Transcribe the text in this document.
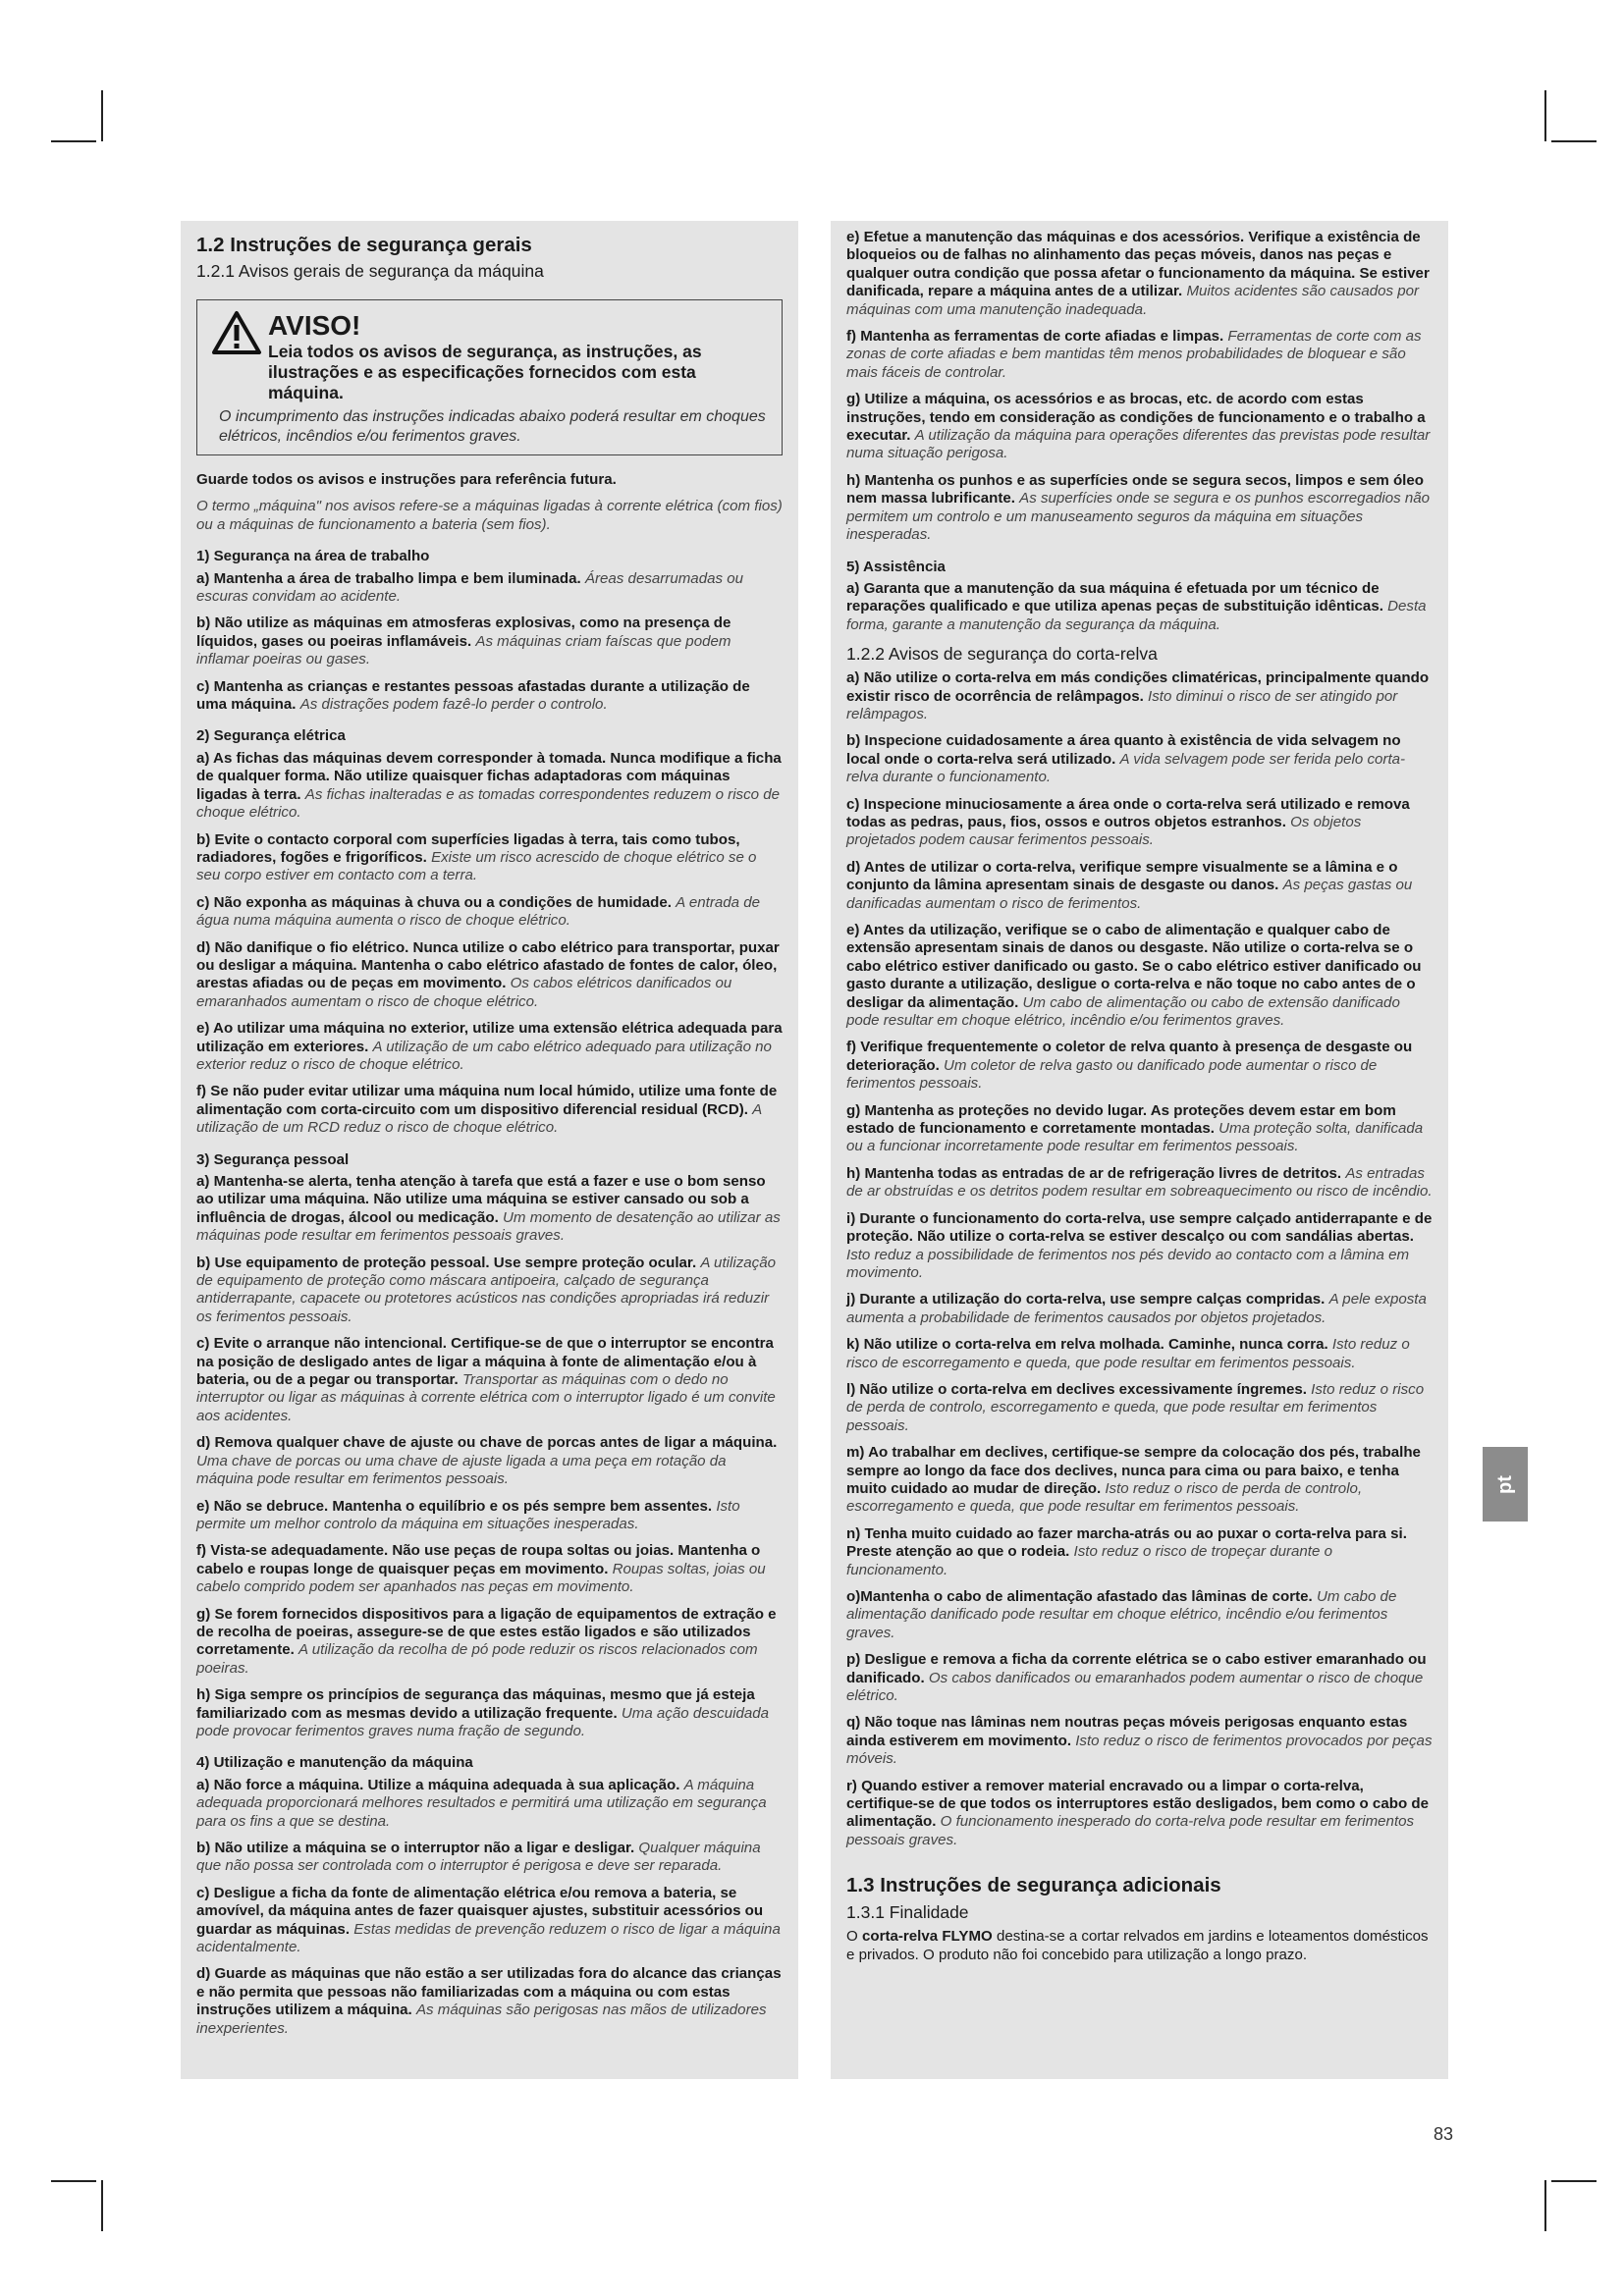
1.2 Instruções de segurança gerais
1.2.1 Avisos gerais de segurança da máquina
AVISO!
Leia todos os avisos de segurança, as instruções, as ilustrações e as especificações fornecidos com esta máquina.
O incumprimento das instruções indicadas abaixo poderá resultar em choques elétricos, incêndios e/ou ferimentos graves.
Guarde todos os avisos e instruções para referência futura.
O termo „máquina" nos avisos refere-se a máquinas ligadas à corrente elétrica (com fios) ou a máquinas de funcionamento a bateria (sem fios).
1) Segurança na área de trabalho
a) Mantenha a área de trabalho limpa e bem iluminada. Áreas desarrumadas ou escuras convidam ao acidente.
b) Não utilize as máquinas em atmosferas explosivas, como na presença de líquidos, gases ou poeiras inflamáveis. As máquinas criam faíscas que podem inflamar poeiras ou gases.
c) Mantenha as crianças e restantes pessoas afastadas durante a utilização de uma máquina. As distrações podem fazê-lo perder o controlo.
2) Segurança elétrica
a) As fichas das máquinas devem corresponder à tomada. Nunca modifique a ficha de qualquer forma. Não utilize quaisquer fichas adaptadoras com máquinas ligadas à terra. As fichas inalteradas e as tomadas correspondentes reduzem o risco de choque elétrico.
b) Evite o contacto corporal com superfícies ligadas à terra, tais como tubos, radiadores, fogões e frigoríficos. Existe um risco acrescido de choque elétrico se o seu corpo estiver em contacto com a terra.
c) Não exponha as máquinas à chuva ou a condições de humidade. A entrada de água numa máquina aumenta o risco de choque elétrico.
d) Não danifique o fio elétrico. Nunca utilize o cabo elétrico para transportar, puxar ou desligar a máquina. Mantenha o cabo elétrico afastado de fontes de calor, óleo, arestas afiadas ou de peças em movimento. Os cabos elétricos danificados ou emaranhados aumentam o risco de choque elétrico.
e) Ao utilizar uma máquina no exterior, utilize uma extensão elétrica adequada para utilização em exteriores. A utilização de um cabo elétrico adequado para utilização no exterior reduz o risco de choque elétrico.
f) Se não puder evitar utilizar uma máquina num local húmido, utilize uma fonte de alimentação com corta-circuito com um dispositivo diferencial residual (RCD). A utilização de um RCD reduz o risco de choque elétrico.
3) Segurança pessoal
a) Mantenha-se alerta, tenha atenção à tarefa que está a fazer e use o bom senso ao utilizar uma máquina. Não utilize uma máquina se estiver cansado ou sob a influência de drogas, álcool ou medicação. Um momento de desatenção ao utilizar as máquinas pode resultar em ferimentos pessoais graves.
b) Use equipamento de proteção pessoal. Use sempre proteção ocular. A utilização de equipamento de proteção como máscara antipoeira, calçado de segurança antiderrapante, capacete ou protetores acústicos nas condições apropriadas irá reduzir os ferimentos pessoais.
c) Evite o arranque não intencional. Certifique-se de que o interruptor se encontra na posição de desligado antes de ligar a máquina à fonte de alimentação e/ou à bateria, ou de a pegar ou transportar. Transportar as máquinas com o dedo no interruptor ou ligar as máquinas à corrente elétrica com o interruptor ligado é um convite aos acidentes.
d) Remova qualquer chave de ajuste ou chave de porcas antes de ligar a máquina. Uma chave de porcas ou uma chave de ajuste ligada a uma peça em rotação da máquina pode resultar em ferimentos pessoais.
e) Não se debruce. Mantenha o equilíbrio e os pés sempre bem assentes. Isto permite um melhor controlo da máquina em situações inesperadas.
f) Vista-se adequadamente. Não use peças de roupa soltas ou joias. Mantenha o cabelo e roupas longe de quaisquer peças em movimento. Roupas soltas, joias ou cabelo comprido podem ser apanhados nas peças em movimento.
g) Se forem fornecidos dispositivos para a ligação de equipamentos de extração e de recolha de poeiras, assegure-se de que estes estão ligados e são utilizados corretamente. A utilização da recolha de pó pode reduzir os riscos relacionados com poeiras.
h) Siga sempre os princípios de segurança das máquinas, mesmo que já esteja familiarizado com as mesmas devido a utilização frequente. Uma ação descuidada pode provocar ferimentos graves numa fração de segundo.
4) Utilização e manutenção da máquina
a) Não force a máquina. Utilize a máquina adequada à sua aplicação. A máquina adequada proporcionará melhores resultados e permitirá uma utilização em segurança para os fins a que se destina.
b) Não utilize a máquina se o interruptor não a ligar e desligar. Qualquer máquina que não possa ser controlada com o interruptor é perigosa e deve ser reparada.
c) Desligue a ficha da fonte de alimentação elétrica e/ou remova a bateria, se amovível, da máquina antes de fazer quaisquer ajustes, substituir acessórios ou guardar as máquinas. Estas medidas de prevenção reduzem o risco de ligar a máquina acidentalmente.
d) Guarde as máquinas que não estão a ser utilizadas fora do alcance das crianças e não permita que pessoas não familiarizadas com a máquina ou com estas instruções utilizem a máquina. As máquinas são perigosas nas mãos de utilizadores inexperientes.
e) Efetue a manutenção das máquinas e dos acessórios. Verifique a existência de bloqueios ou de falhas no alinhamento das peças móveis, danos nas peças e qualquer outra condição que possa afetar o funcionamento da máquina. Se estiver danificada, repare a máquina antes de a utilizar. Muitos acidentes são causados por máquinas com uma manutenção inadequada.
f) Mantenha as ferramentas de corte afiadas e limpas. Ferramentas de corte com as zonas de corte afiadas e bem mantidas têm menos probabilidades de bloquear e são mais fáceis de controlar.
g) Utilize a máquina, os acessórios e as brocas, etc. de acordo com estas instruções, tendo em consideração as condições de funcionamento e o trabalho a executar. A utilização da máquina para operações diferentes das previstas pode resultar numa situação perigosa.
h) Mantenha os punhos e as superfícies onde se segura secos, limpos e sem óleo nem massa lubrificante. As superfícies onde se segura e os punhos escorregadios não permitem um controlo e um manuseamento seguros da máquina em situações inesperadas.
5) Assistência
a) Garanta que a manutenção da sua máquina é efetuada por um técnico de reparações qualificado e que utiliza apenas peças de substituição idênticas. Desta forma, garante a manutenção da segurança da máquina.
1.2.2 Avisos de segurança do corta-relva
a) Não utilize o corta-relva em más condições climatéricas, principalmente quando existir risco de ocorrência de relâmpagos. Isto diminui o risco de ser atingido por relâmpagos.
b) Inspecione cuidadosamente a área quanto à existência de vida selvagem no local onde o corta-relva será utilizado. A vida selvagem pode ser ferida pelo corta-relva durante o funcionamento.
c) Inspecione minuciosamente a área onde o corta-relva será utilizado e remova todas as pedras, paus, fios, ossos e outros objetos estranhos. Os objetos projetados podem causar ferimentos pessoais.
d) Antes de utilizar o corta-relva, verifique sempre visualmente se a lâmina e o conjunto da lâmina apresentam sinais de desgaste ou danos. As peças gastas ou danificadas aumentam o risco de ferimentos.
e) Antes da utilização, verifique se o cabo de alimentação e qualquer cabo de extensão apresentam sinais de danos ou desgaste. Não utilize o corta-relva se o cabo elétrico estiver danificado ou gasto. Se o cabo elétrico estiver danificado ou gasto durante a utilização, desligue o corta-relva e não toque no cabo antes de o desligar da alimentação. Um cabo de alimentação ou cabo de extensão danificado pode resultar em choque elétrico, incêndio e/ou ferimentos graves.
f) Verifique frequentemente o coletor de relva quanto à presença de desgaste ou deterioração. Um coletor de relva gasto ou danificado pode aumentar o risco de ferimentos pessoais.
g) Mantenha as proteções no devido lugar. As proteções devem estar em bom estado de funcionamento e corretamente montadas. Uma proteção solta, danificada ou a funcionar incorretamente pode resultar em ferimentos pessoais.
h) Mantenha todas as entradas de ar de refrigeração livres de detritos. As entradas de ar obstruídas e os detritos podem resultar em sobreaquecimento ou risco de incêndio.
i) Durante o funcionamento do corta-relva, use sempre calçado antiderrapante e de proteção. Não utilize o corta-relva se estiver descalço ou com sandálias abertas. Isto reduz a possibilidade de ferimentos nos pés devido ao contacto com a lâmina em movimento.
j) Durante a utilização do corta-relva, use sempre calças compridas. A pele exposta aumenta a probabilidade de ferimentos causados por objetos projetados.
k) Não utilize o corta-relva em relva molhada. Caminhe, nunca corra. Isto reduz o risco de escorregamento e queda, que pode resultar em ferimentos pessoais.
l) Não utilize o corta-relva em declives excessivamente íngremes. Isto reduz o risco de perda de controlo, escorregamento e queda, que pode resultar em ferimentos pessoais.
m) Ao trabalhar em declives, certifique-se sempre da colocação dos pés, trabalhe sempre ao longo da face dos declives, nunca para cima ou para baixo, e tenha muito cuidado ao mudar de direção. Isto reduz o risco de perda de controlo, escorregamento e queda, que pode resultar em ferimentos pessoais.
n) Tenha muito cuidado ao fazer marcha-atrás ou ao puxar o corta-relva para si. Preste atenção ao que o rodeia. Isto reduz o risco de tropeçar durante o funcionamento.
o)Mantenha o cabo de alimentação afastado das lâminas de corte. Um cabo de alimentação danificado pode resultar em choque elétrico, incêndio e/ou ferimentos graves.
p) Desligue e remova a ficha da corrente elétrica se o cabo estiver emaranhado ou danificado. Os cabos danificados ou emaranhados podem aumentar o risco de choque elétrico.
q) Não toque nas lâminas nem noutras peças móveis perigosas enquanto estas ainda estiverem em movimento. Isto reduz o risco de ferimentos provocados por peças móveis.
r) Quando estiver a remover material encravado ou a limpar o corta-relva, certifique-se de que todos os interruptores estão desligados, bem como o cabo de alimentação. O funcionamento inesperado do corta-relva pode resultar em ferimentos pessoais graves.
1.3 Instruções de segurança adicionais
1.3.1 Finalidade
O corta-relva FLYMO destina-se a cortar relvados em jardins e loteamentos domésticos e privados. O produto não foi concebido para utilização a longo prazo.
pt
83
